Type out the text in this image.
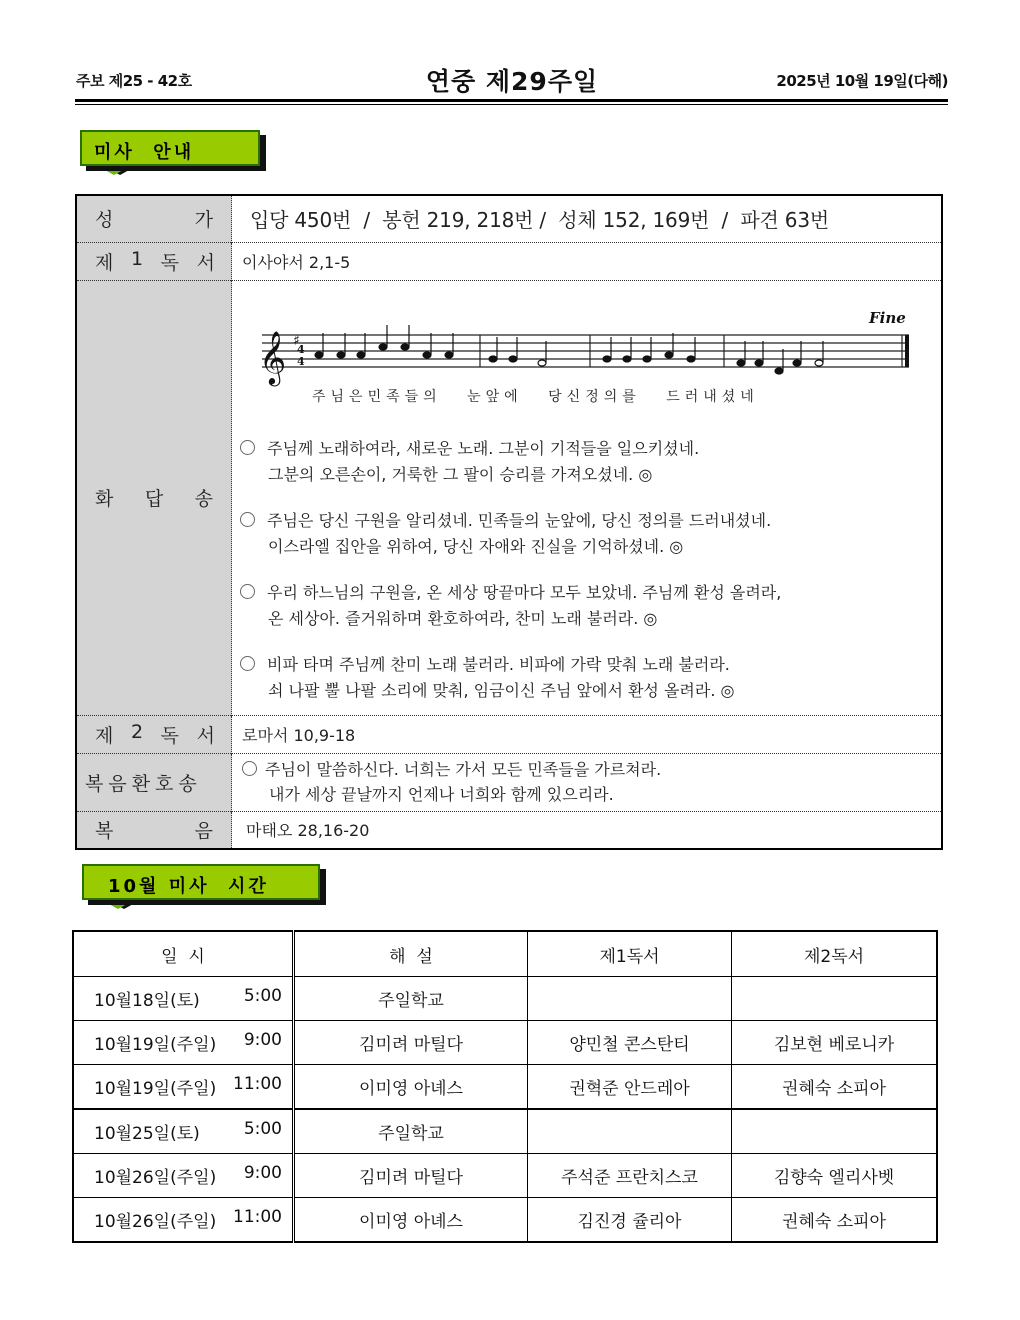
주보 제25 - 42호	연중 제29주일	2025년 10월 19일(다해)
미사  안내
성 가	입당 450번  /  봉헌 219, 218번 /  성체 152, 169번  /  파견 63번

제 1 독 서	이사야서 2,1-5

화 답 송

𝄞 ♯
4
4
Fine
주님은민족들의 눈앞에 당신정의를 드러내셨네
주님께 노래하여라, 새로운 노래. 그분이 기적들을 일으키셨네.
그분의 오른손이, 거룩한 그 팔이 승리를 가져오셨네. ◎
주님은 당신 구원을 알리셨네. 민족들의 눈앞에, 당신 정의를 드러내셨네.
이스라엘 집안을 위하여, 당신 자애와 진실을 기억하셨네. ◎
우리 하느님의 구원을, 온 세상 땅끝마다 모두 보았네. 주님께 환성 올려라,
온 세상아. 즐거워하며 환호하여라, 찬미 노래 불러라. ◎
비파 타며 주님께 찬미 노래 불러라. 비파에 가락 맞춰 노래 불러라.
쇠 나팔 뿔 나팔 소리에 맞춰, 임금이신 주님 앞에서 환성 올려라. ◎

제 2 독 서	로마서 10,9-18

복음환호송	주님이 말씀하신다. 너희는 가서 모든 민족들을 가르쳐라.
내가 세상 끝날까지 언제나 너희와 함께 있으리라.

복 음	마태오 28,16-20
10월 미사  시간
일  시	해  설	제1독서	제2독서

10월18일(토) 5:00	주일학교		

10월19일(주일) 9:00	김미려 마틸다	양민철 콘스탄티	김보현 베로니카

10월19일(주일) 11:00	이미영 아녜스	권혁준 안드레아	권혜숙 소피아

10월25일(토) 5:00	주일학교		

10월26일(주일) 9:00	김미려 마틸다	주석준 프란치스코	김향숙 엘리사벳

10월26일(주일) 11:00	이미영 아녜스	김진경 쥴리아	권혜숙 소피아
